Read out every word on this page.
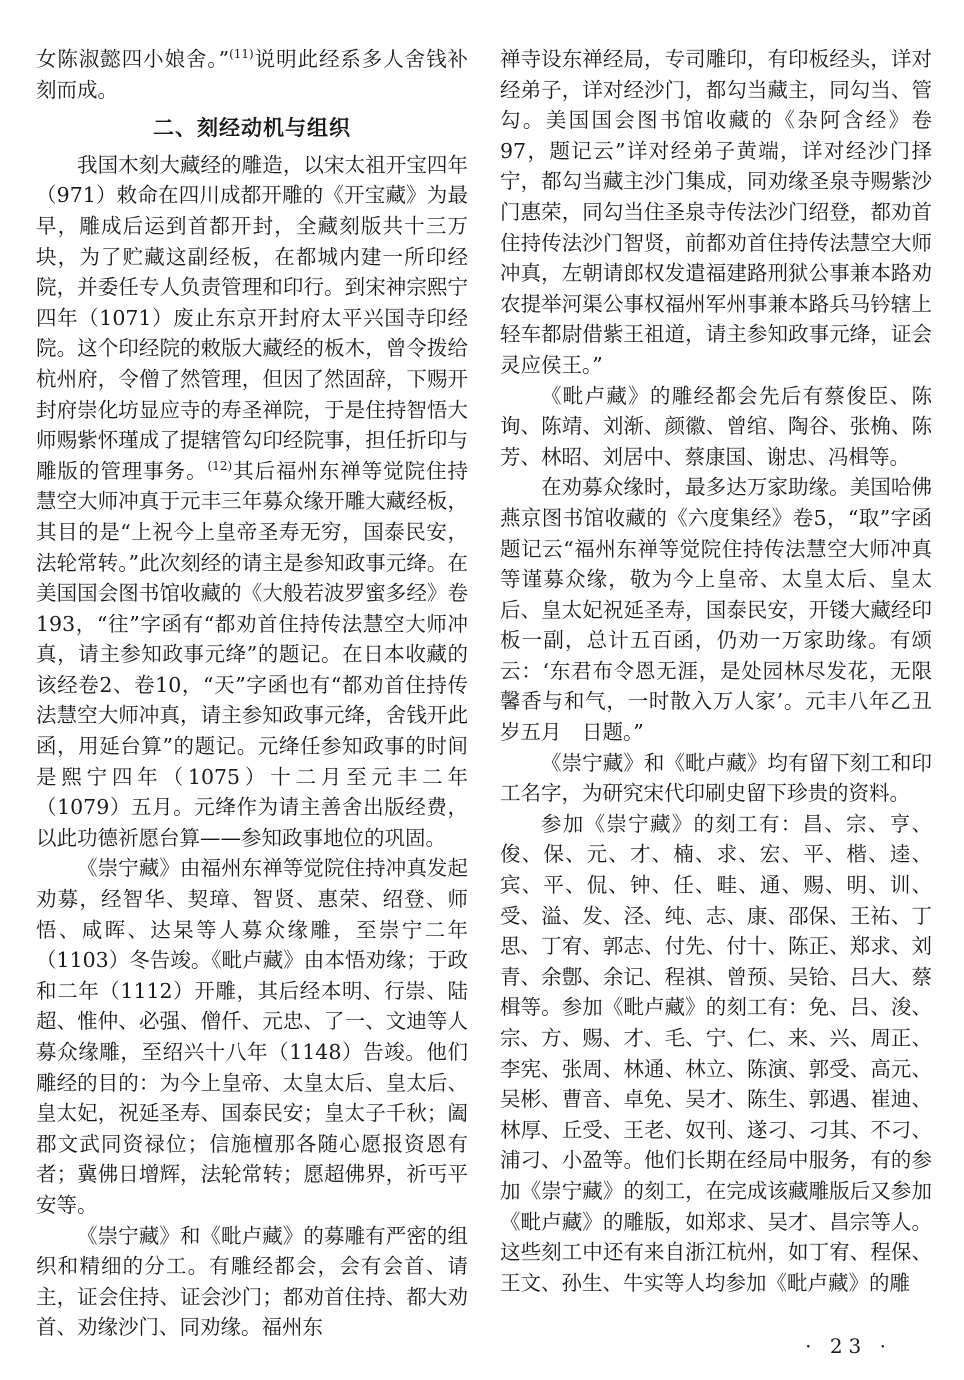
女陈淑懿四小娘舍。”$^{(11)}$说明此经系多人舍钱补刻而成。

二、刻经动机与组织

我国木刻大藏经的雕造，以宋太祖开宝四年（971）敕命在四川成都开雕的《开宝藏》为最早，雕成后运到首都开封，全藏刻版共十三万块，为了贮藏这副经板，在都城内建一所印经院，并委任专人负责管理和印行。到宋神宗熙宁四年（1071）废止东京开封府太平兴国寺印经院。这个印经院的敕版大藏经的板木，曾令拨给杭州府，令僧了然管理，但因了然固辞，下赐开封府崇化坊显应寺的寿圣禅院，于是住持智悟大师赐紫怀瑾成了提辖管勾印经院事，担任折印与雕版的管理事务。$^{(12)}$其后福州东禅等觉院住持慧空大师冲真于元丰三年募众缘开雕大藏经板，其目的是“上祝今上皇帝圣寿无穷，国泰民安，法轮常转。”此次刻经的请主是参知政事元绛。在美国国会图书馆收藏的《大般若波罗蜜多经》卷193，“往”字函有“都劝首住持传法慧空大师冲真，请主参知政事元绛”的题记。在日本收藏的该经卷2、卷10，“天”字函也有“都劝首住持传法慧空大师冲真，请主参知政事元绛，舍钱开此函，用延台算”的题记。元绛任参知政事的时间是熙宁四年（1075）十二月至元丰二年（1079）五月。元绛作为请主善舍出版经费，以此功德祈愿台算——参知政事地位的巩固。

《崇宁藏》由福州东禅等觉院住持冲真发起劝募，经智华、契璋、智贤、惠荣、绍登、师悟、咸晖、达杲等人募众缘雕，至崇宁二年（1103）冬告竣。《毗卢藏》由本悟劝缘；于政和二年（1112）开雕，其后经本明、行崇、陆超、惟仲、必强、僧仟、元忠、了一、文迪等人募众缘雕，至绍兴十八年（1148）告竣。他们雕经的目的：为今上皇帝、太皇太后、皇太后、皇太妃，祝延圣寿、国泰民安；皇太子千秋；阖郡文武同资禄位；信施檀那各随心愿报资恩有者；冀佛日增辉，法轮常转；愿超佛界，祈丐平安等。

《崇宁藏》和《毗卢藏》的募雕有严密的组织和精细的分工。有雕经都会，会有会首、请主，证会住持、证会沙门；都劝首住持、都大劝首、劝缘沙门、同劝缘。福州东

禅寺设东禅经局，专司雕印，有印板经头，详对经弟子，详对经沙门，都勾当藏主，同勾当、管勾。美国国会图书馆收藏的《杂阿含经》卷97，题记云”详对经弟子黄端，详对经沙门择宁，都勾当藏主沙门集成，同劝缘圣泉寺赐紫沙门惠荣，同勾当住圣泉寺传法沙门绍登，都劝首住持传法沙门智贤，前都劝首住持传法慧空大师冲真，左朝请郎权发遣福建路刑狱公事兼本路劝农提举河渠公事权福州军州事兼本路兵马钤辖上轻车都尉借紫王祖道，请主参知政事元绛，证会灵应侯王。”

《毗卢藏》的雕经都会先后有蔡俊臣、陈询、陈靖、刘渐、颜徽、曾绾、陶谷、张桷、陈芳、林昭、刘居中、蔡康国、谢忠、冯楫等。

在劝募众缘时，最多达万家助缘。美国哈佛燕京图书馆收藏的《六度集经》卷5，“取”字函题记云“福州东禅等觉院住持传法慧空大师冲真等谨募众缘，敬为今上皇帝、太皇太后、皇太后、皇太妃祝延圣寿，国泰民安，开镂大藏经印板一副，总计五百函，仍劝一万家助缘。有颂云：‘东君布令恩无涯，是处园林尽发花，无限馨香与和气，一时散入万人家’。元丰八年乙丑岁五月　日题。”

《崇宁藏》和《毗卢藏》均有留下刻工和印工名字，为研究宋代印刷史留下珍贵的资料。

参加《崇宁藏》的刻工有：昌、宗、亨、俊、保、元、才、楠、求、宏、平、楷、逵、宾、平、侃、钟、任、畦、通、赐、明、训、受、溢、发、泾、纯、志、康、邵保、王祐、丁思、丁宥、郭志、付先、付十、陈正、郑求、刘青、余鄷、余记、程祺、曾预、吴铪、吕大、蔡楫等。参加《毗卢藏》的刻工有：免、吕、浚、宗、方、赐、才、毛、宁、仁、来、兴、周正、李宪、张周、林通、林立、陈演、郭受、高元、吴彬、曹音、卓免、吴才、陈生、郭遇、崔迪、林厚、丘受、王老、奴刊、遂刁、刁其、不刁、浦刁、小盈等。他们长期在经局中服务，有的参加《崇宁藏》的刻工，在完成该藏雕版后又参加《毗卢藏》的雕版，如郑求、吴才、昌宗等人。这些刻工中还有来自浙江杭州，如丁宥、程保、王文、孙生、牛实等人均参加《毗卢藏》的雕

· 23 ·
